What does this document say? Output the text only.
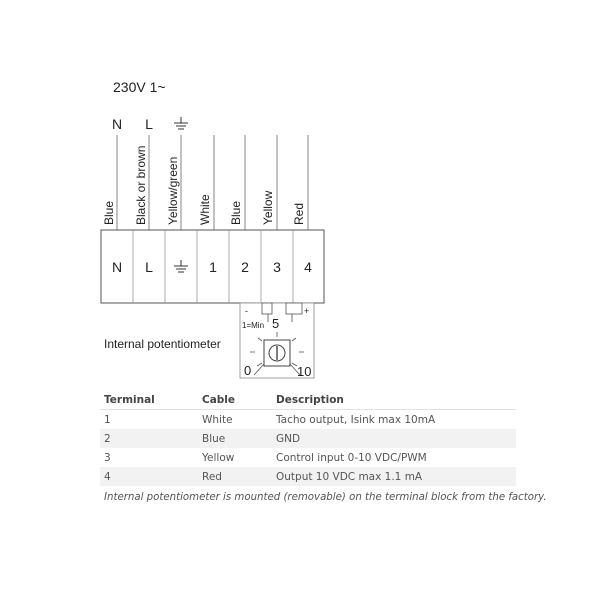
230V 1~
N L
Blue Black or brown Yellow/green White Blue Yellow Red
N L	1 2 3 4
Internal potentiometer
-	+
1=Min 5
0	10
Terminal	Cable	Description
1	White	Tacho output, Isink max 10mA
2	Blue	GND
3	Yellow	Control input 0-10 VDC/PWM
4	Red	Output 10 VDC max 1.1 mA
Internal potentiometer is mounted (removable) on the terminal block from the factory.
